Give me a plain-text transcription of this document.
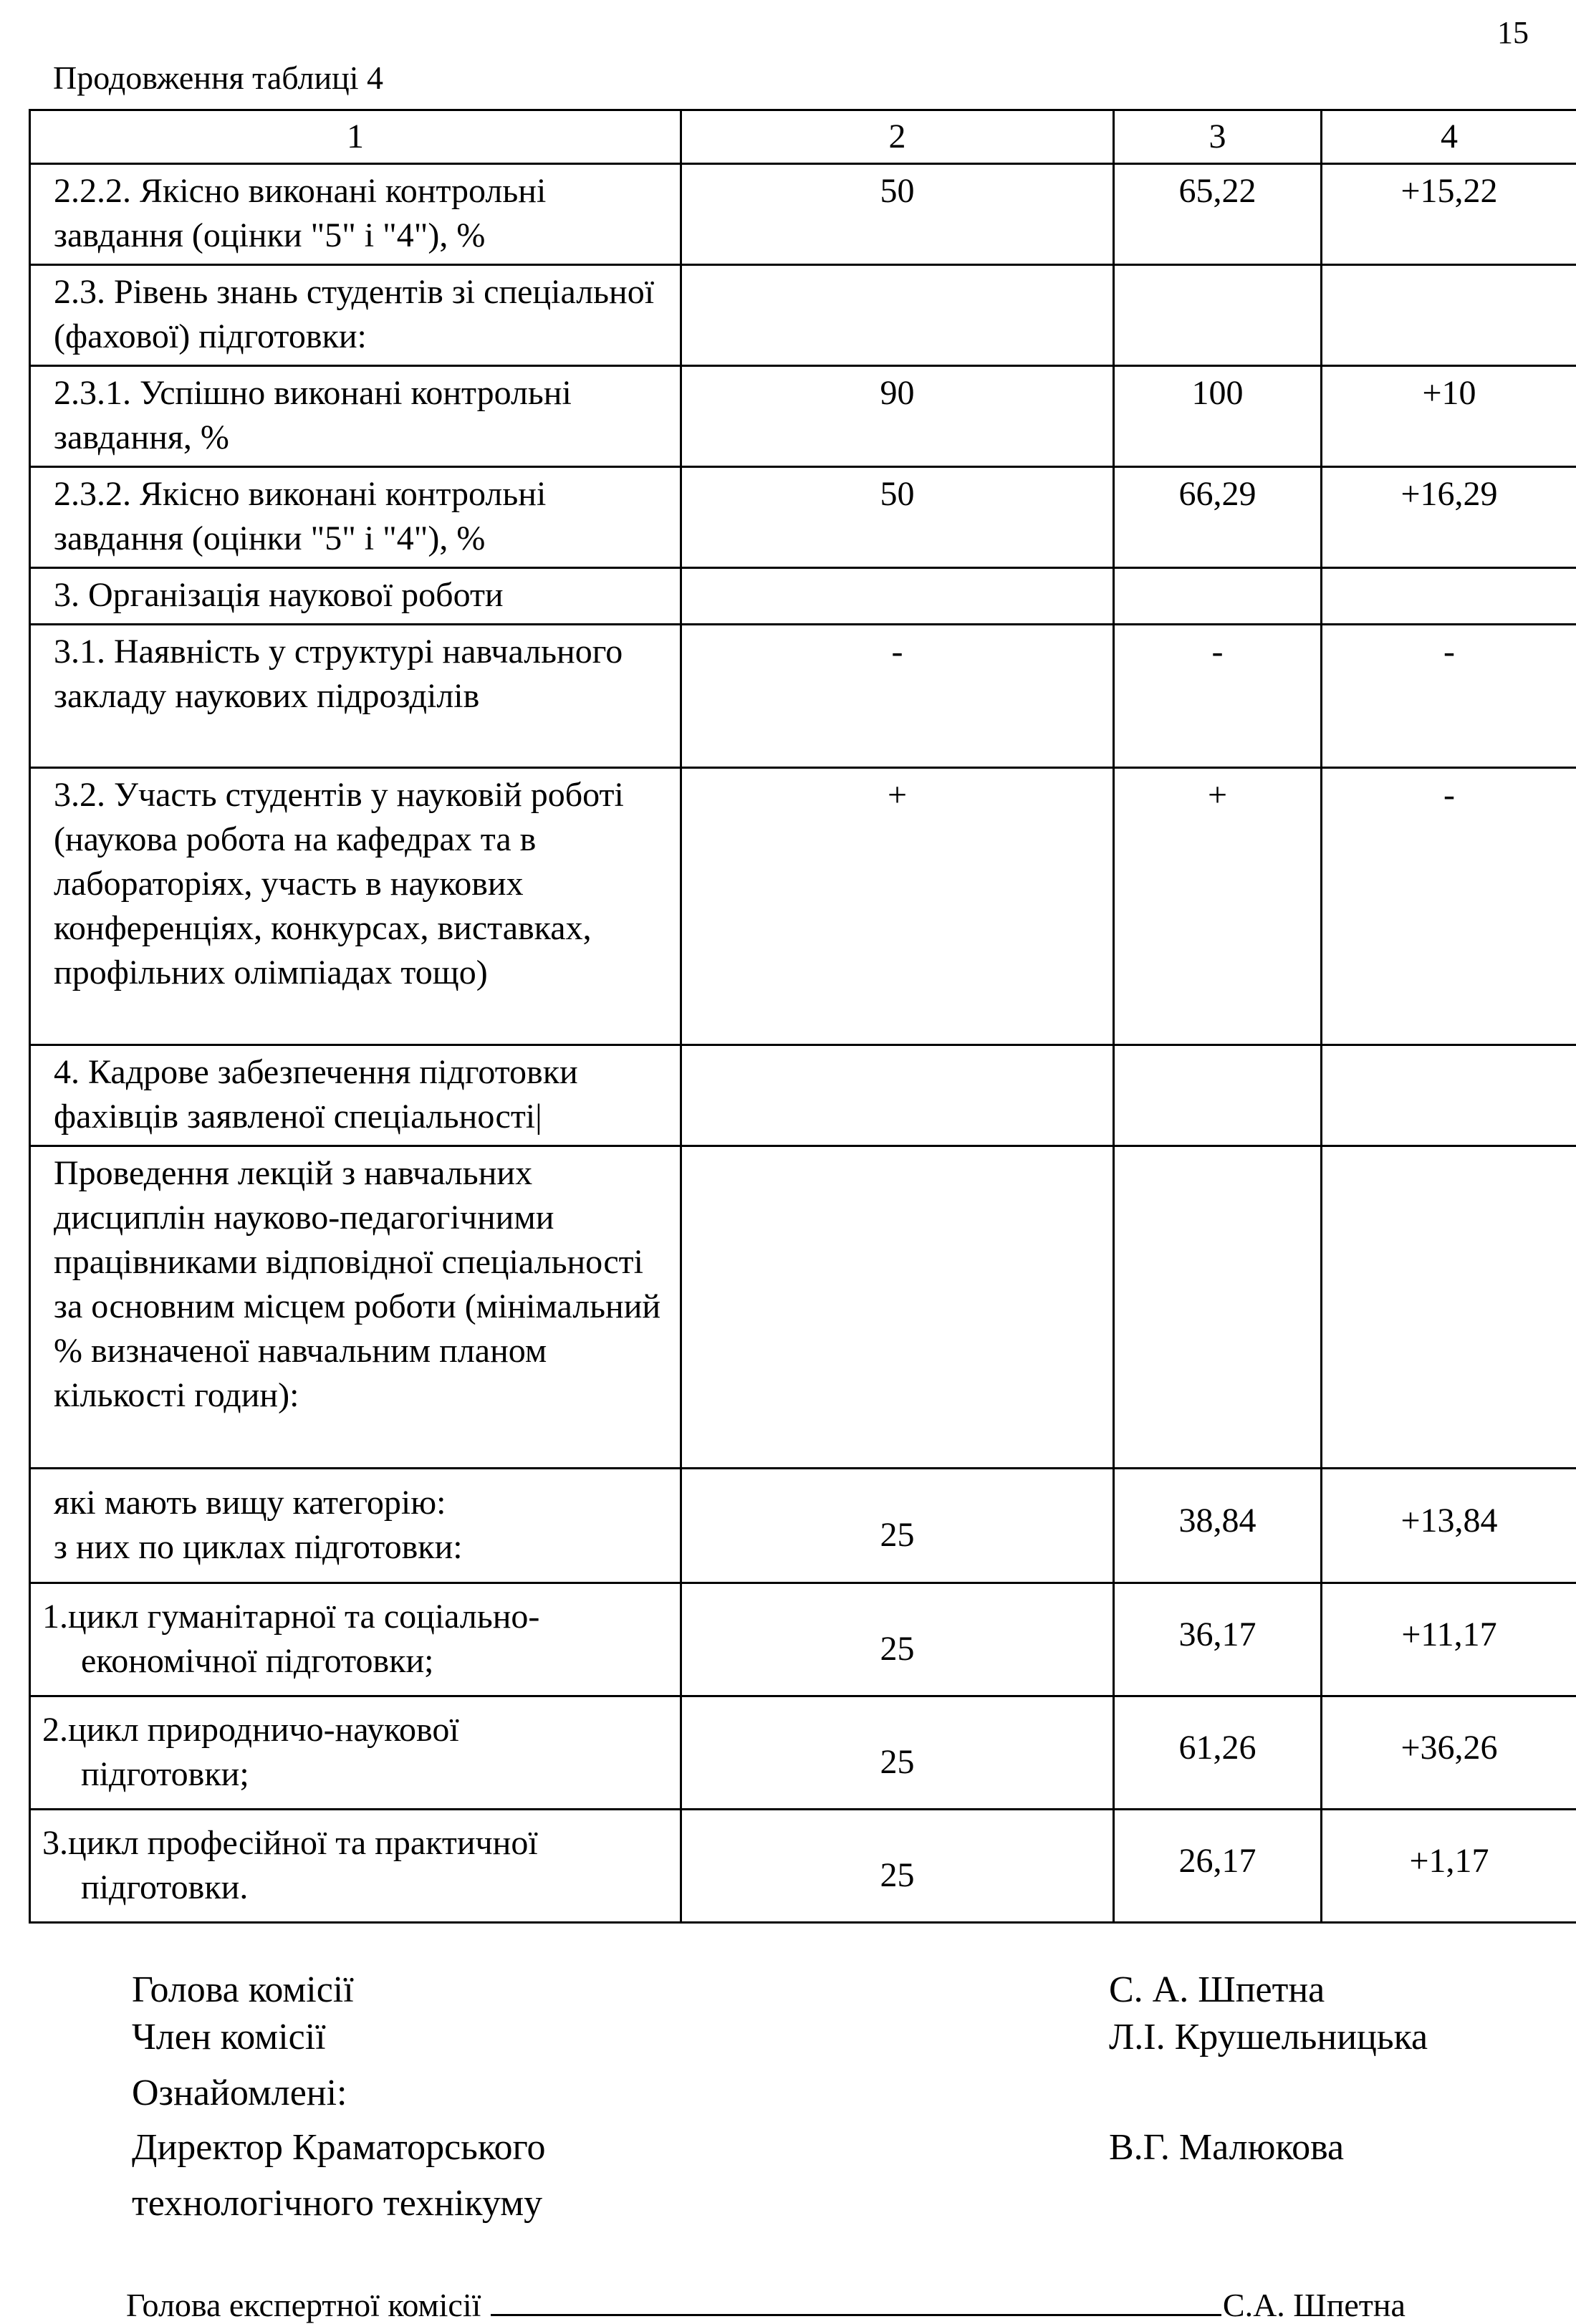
15
Продовження таблиці 4
1	2	3	4
2.2.2. Якісно виконані контрольні завдання (оцінки "5" і "4"), %	50	65,22	+15,22
2.3. Рівень знань студентів зі спеціальної (фахової) підготовки:			
2.3.1. Успішно виконані контрольні завдання, %	90	100	+10
2.3.2. Якісно виконані контрольні завдання (оцінки "5" і "4"), %	50	66,29	+16,29
3. Організація наукової роботи			
3.1. Наявність у структурі навчального закладу наукових підрозділів	-	-	-
3.2. Участь студентів у науковій роботі (наукова робота на кафедрах та в лабораторіях, участь в наукових конференціях, конкурсах, виставках, профільних олімпіадах тощо)	+	+	-
4. Кадрове забезпечення підготовки фахівців заявленої спеціальності|			
Проведення лекцій з навчальних дисциплін науково-педагогічними працівниками відповідної спеціальності за основним місцем роботи (мінімальний % визначеної навчальним планом кількості годин):			

які мають вищу категорію:
з них по циклах підготовки:	25	38,84	+13,84

1.цикл гуманітарної та соціально-
економічної підготовки;	25	36,17	+11,17

2.цикл природничо-наукової
підготовки;	25	61,26	+36,26

3.цикл професійної та практичної
підготовки.	25	26,17	+1,17
Голова комісії	С. А. Шпетна
Член комісії	Л.І. Крушельницька
Ознайомлені:
Директор Краматорського	В.Г. Малюкова
технологічного технікуму
Голова експертної комісії	С.А. Шпетна
